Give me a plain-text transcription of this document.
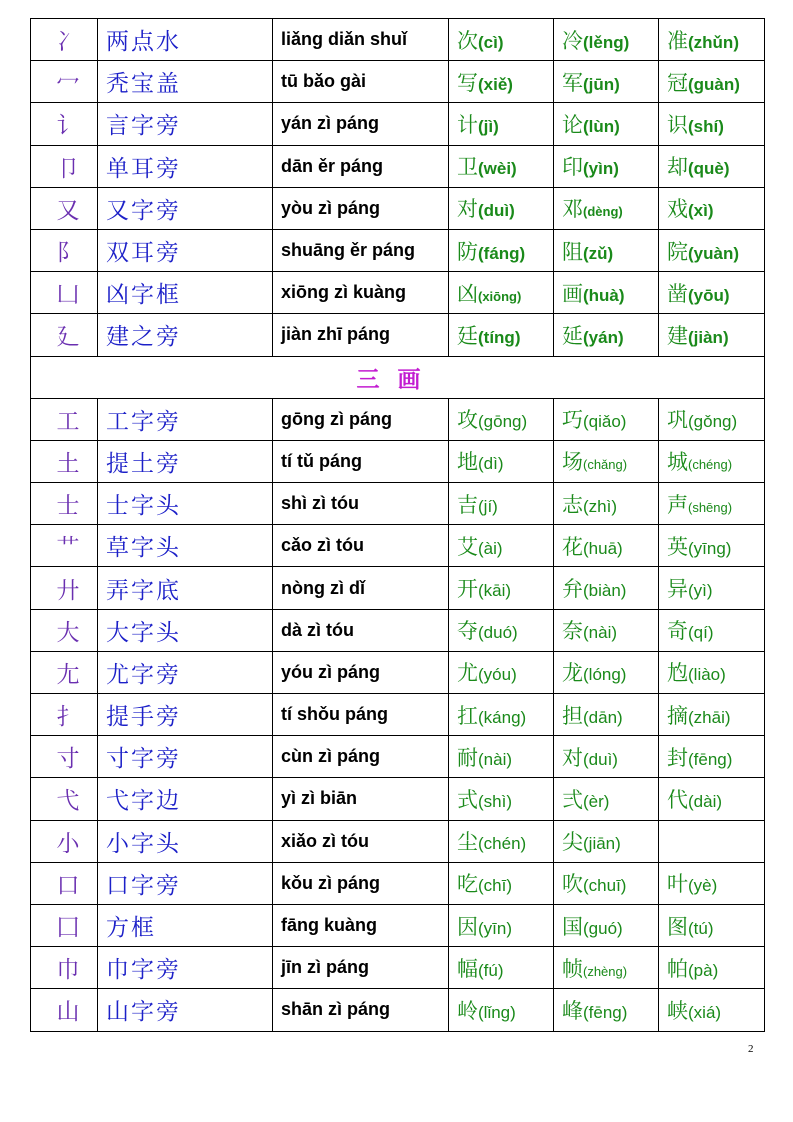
冫	两点水	liǎng diǎn shuǐ	次(cì)	冷(lěng)	准(zhǔn)
冖	秃宝盖	tū bǎo gài	写(xiě)	军(jūn)	冠(guàn)
讠	言字旁	yán zì páng	计(jì)	论(lùn)	识(shí)
卩	单耳旁	dān ěr páng	卫(wèi)	印(yìn)	却(què)
又	又字旁	yòu zì páng	对(duì)	邓(dèng)	戏(xì)
阝	双耳旁	shuāng ěr páng	防(fáng)	阻(zǔ)	院(yuàn)
凵	凶字框	xiōng zì kuàng	凶(xiōng)	画(huà)	凿(yōu)
廴	建之旁	jiàn zhī páng	廷(tíng)	延(yán)	建(jiàn)
三画					
工	工字旁	gōng zì páng	攻(gōng)	巧(qiǎo)	巩(gǒng)
土	提土旁	tí tǔ páng	地(dì)	场(chǎng)	城(chéng)
士	士字头	shì zì tóu	吉(jí)	志(zhì)	声(shēng)
艹	草字头	cǎo zì tóu	艾(ài)	花(huā)	英(yīng)
廾	弄字底	nòng zì dǐ	开(kāi)	弁(biàn)	异(yì)
大	大字头	dà zì tóu	夺(duó)	奈(nài)	奇(qí)
尢	尤字旁	yóu zì páng	尤(yóu)	龙(lóng)	尥(liào)
扌	提手旁	tí shǒu páng	扛(káng)	担(dān)	摘(zhāi)
寸	寸字旁	cùn zì páng	耐(nài)	对(duì)	封(fēng)
弋	弋字边	yì zì biān	式(shì)	弍(èr)	代(dài)
小	小字头	xiǎo zì tóu	尘(chén)	尖(jiān)	
口	口字旁	kǒu zì páng	吃(chī)	吹(chuī)	叶(yè)
囗	方框	fāng kuàng	因(yīn)	国(guó)	图(tú)
巾	巾字旁	jīn zì páng	幅(fú)	帧(zhèng)	帕(pà)
山	山字旁	shān zì páng	岭(lǐng)	峰(fēng)	峡(xiá)
2
